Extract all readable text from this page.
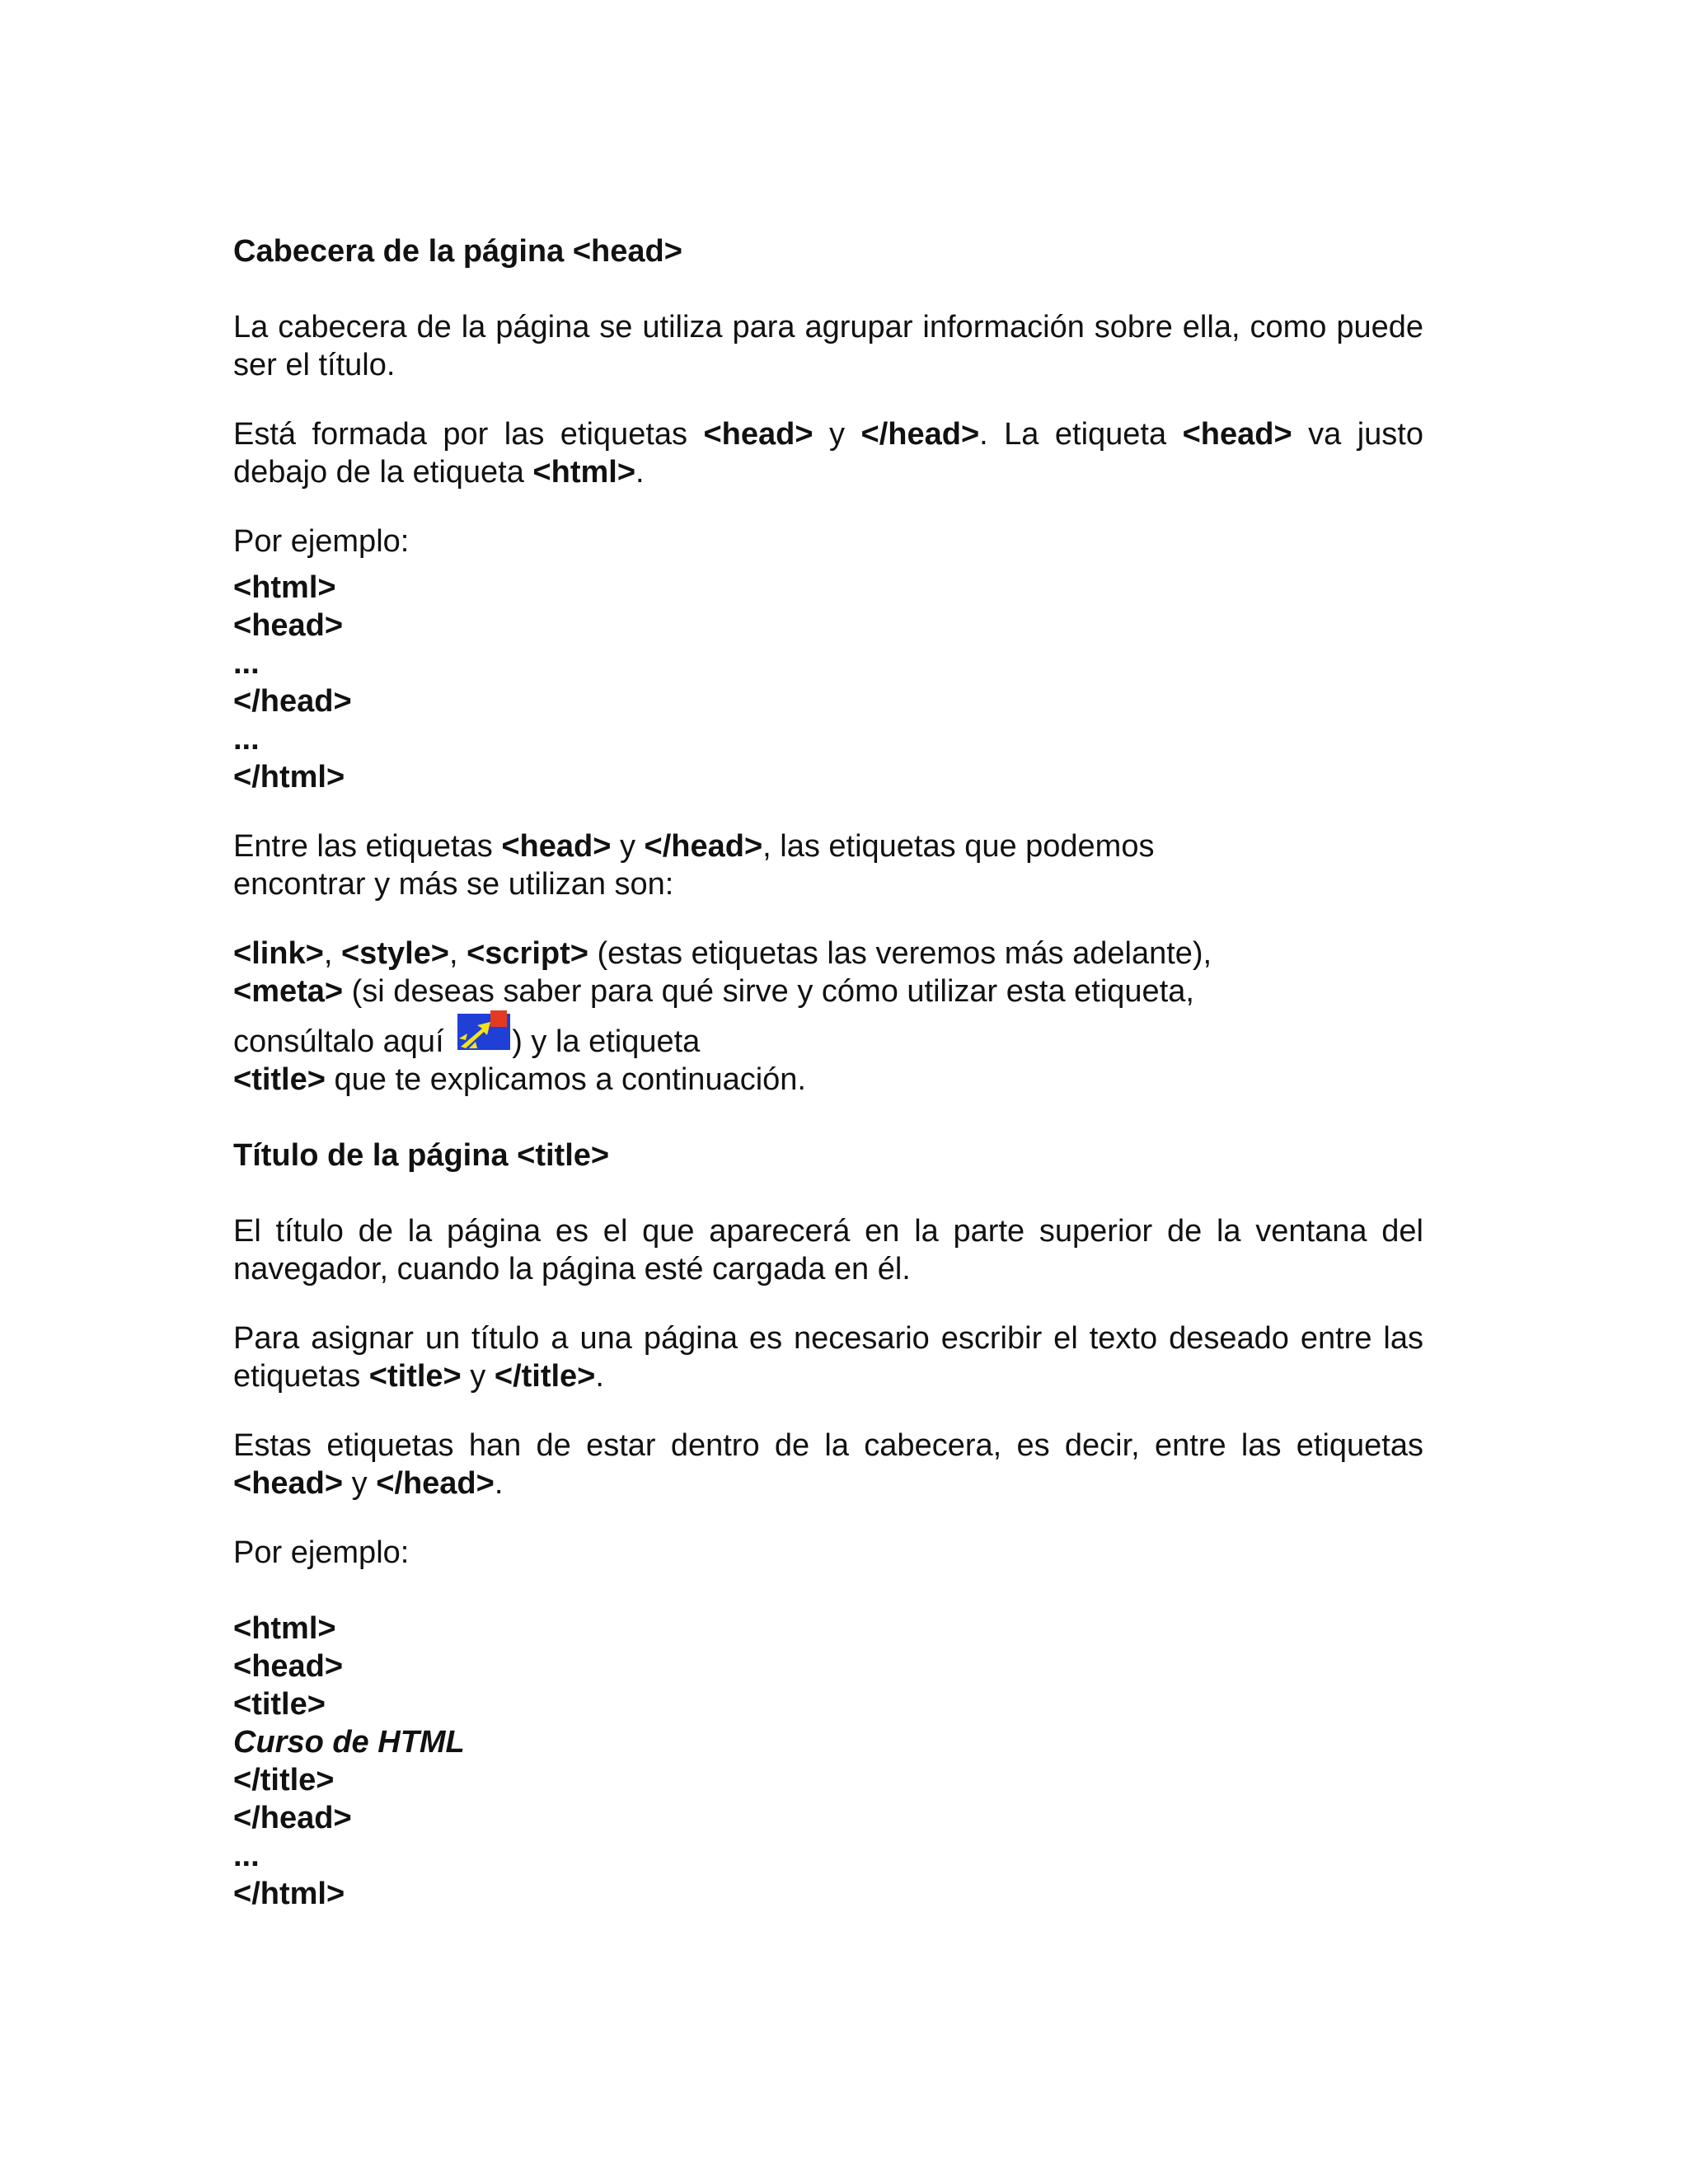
Cabecera de la página <head>

La cabecera de la página se utiliza para agrupar información sobre ella, como puede ser el título.

Está formada por las etiquetas <head> y </head>. La etiqueta <head> va justo debajo de la etiqueta <html>.

Por ejemplo:

<html>

<head>

...

</head>

...

</html>

Entre las etiquetas <head> y </head>, las etiquetas que podemos
encontrar y más se utilizan son:

<link>, <style>, <script> (estas etiquetas las veremos más adelante),
<meta> (si deseas saber para qué sirve y cómo utilizar esta etiqueta,
consúltalo aquí
) y la etiqueta
<title> que te explicamos a continuación.

Título de la página <title>

El título de la página es el que aparecerá en la parte superior de la ventana del navegador, cuando la página esté cargada en él.

Para asignar un título a una página es necesario escribir el texto deseado entre las etiquetas <title> y </title>.

Estas etiquetas han de estar dentro de la cabecera, es decir, entre las etiquetas <head> y </head>.

Por ejemplo:

<html>

<head>

<title>

Curso de HTML

</title>

</head>

...

</html>
